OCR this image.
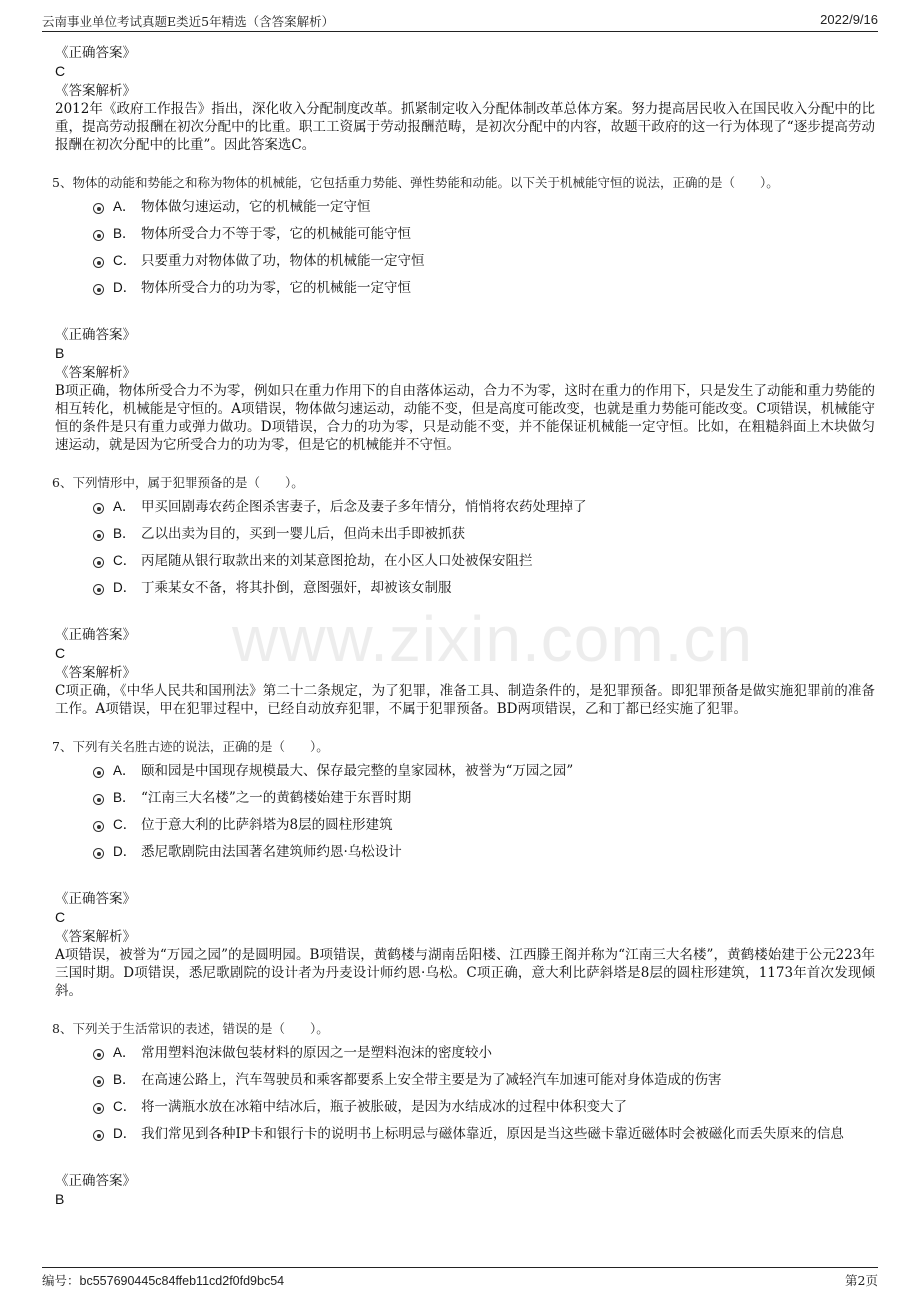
云南事业单位考试真题E类近5年精选（含答案解析）	2022/9/16
www.zixin.com.cn
《正确答案》
C
《答案解析》
2012年《政府工作报告》指出，深化收入分配制度改革。抓紧制定收入分配体制改革总体方案。努力提高居民收入在国民收入分配中的比重，提高劳动报酬在初次分配中的比重。职工工资属于劳动报酬范畴，是初次分配中的内容，故题干政府的这一行为体现了“逐步提高劳动报酬在初次分配中的比重”。因此答案选C。
5、物体的动能和势能之和称为物体的机械能，它包括重力势能、弹性势能和动能。以下关于机械能守恒的说法，正确的是（　　）。
A． 物体做匀速运动，它的机械能一定守恒
B． 物体所受合力不等于零，它的机械能可能守恒
C． 只要重力对物体做了功，物体的机械能一定守恒
D． 物体所受合力的功为零，它的机械能一定守恒
《正确答案》
B
《答案解析》
B项正确，物体所受合力不为零，例如只在重力作用下的自由落体运动，合力不为零，这时在重力的作用下，只是发生了动能和重力势能的相互转化，机械能是守恒的。A项错误，物体做匀速运动，动能不变，但是高度可能改变，也就是重力势能可能改变。C项错误，机械能守恒的条件是只有重力或弹力做功。D项错误，合力的功为零，只是动能不变，并不能保证机械能一定守恒。比如，在粗糙斜面上木块做匀速运动，就是因为它所受合力的功为零，但是它的机械能并不守恒。
6、下列情形中，属于犯罪预备的是（　　）。
A． 甲买回剧毒农药企图杀害妻子，后念及妻子多年情分，悄悄将农药处理掉了
B． 乙以出卖为目的，买到一婴儿后，但尚未出手即被抓获
C． 丙尾随从银行取款出来的刘某意图抢劫，在小区人口处被保安阻拦
D． 丁乘某女不备，将其扑倒，意图强奸，却被该女制服
《正确答案》
C
《答案解析》
C项正确，《中华人民共和国刑法》第二十二条规定，为了犯罪，准备工具、制造条件的，是犯罪预备。即犯罪预备是做实施犯罪前的准备工作。A项错误，甲在犯罪过程中，已经自动放弃犯罪，不属于犯罪预备。BD两项错误，乙和丁都已经实施了犯罪。
7、下列有关名胜古迹的说法，正确的是（　　）。
A． 颐和园是中国现存规模最大、保存最完整的皇家园林，被誉为“万园之园”
B． “江南三大名楼”之一的黄鹤楼始建于东晋时期
C． 位于意大利的比萨斜塔为8层的圆柱形建筑
D． 悉尼歌剧院由法国著名建筑师约恩·乌松设计
《正确答案》
C
《答案解析》
A项错误，被誉为“万园之园”的是圆明园。B项错误，黄鹤楼与湖南岳阳楼、江西滕王阁并称为“江南三大名楼”，黄鹤楼始建于公元223年三国时期。D项错误，悉尼歌剧院的设计者为丹麦设计师约恩·乌松。C项正确，意大利比萨斜塔是8层的圆柱形建筑，1173年首次发现倾斜。
8、下列关于生活常识的表述，错误的是（　　）。
A． 常用塑料泡沫做包装材料的原因之一是塑料泡沫的密度较小
B． 在高速公路上，汽车驾驶员和乘客都要系上安全带主要是为了减轻汽车加速可能对身体造成的伤害
C． 将一满瓶水放在冰箱中结冰后，瓶子被胀破，是因为水结成冰的过程中体积变大了
D． 我们常见到各种IP卡和银行卡的说明书上标明忌与磁体靠近，原因是当这些磁卡靠近磁体时会被磁化而丢失原来的信息
《正确答案》
B
编号：bc557690445c84ffeb11cd2f0fd9bc54	第2页
